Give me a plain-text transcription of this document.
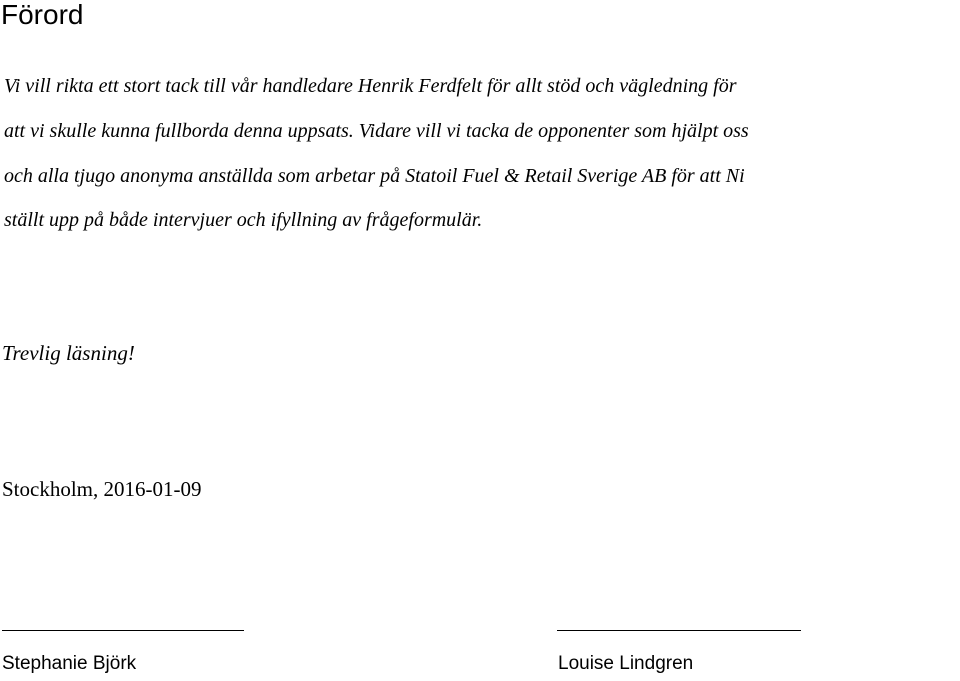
Förord
Vi vill rikta ett stort tack till vår handledare Henrik Ferdfelt för allt stöd och vägledning för
att vi skulle kunna fullborda denna uppsats. Vidare vill vi tacka de opponenter som hjälpt oss
och alla tjugo anonyma anställda som arbetar på Statoil Fuel & Retail Sverige AB för att Ni
ställt upp på både intervjuer och ifyllning av frågeformulär.
Trevlig läsning!
Stockholm, 2016-01-09
Stephanie Björk	Louise Lindgren
